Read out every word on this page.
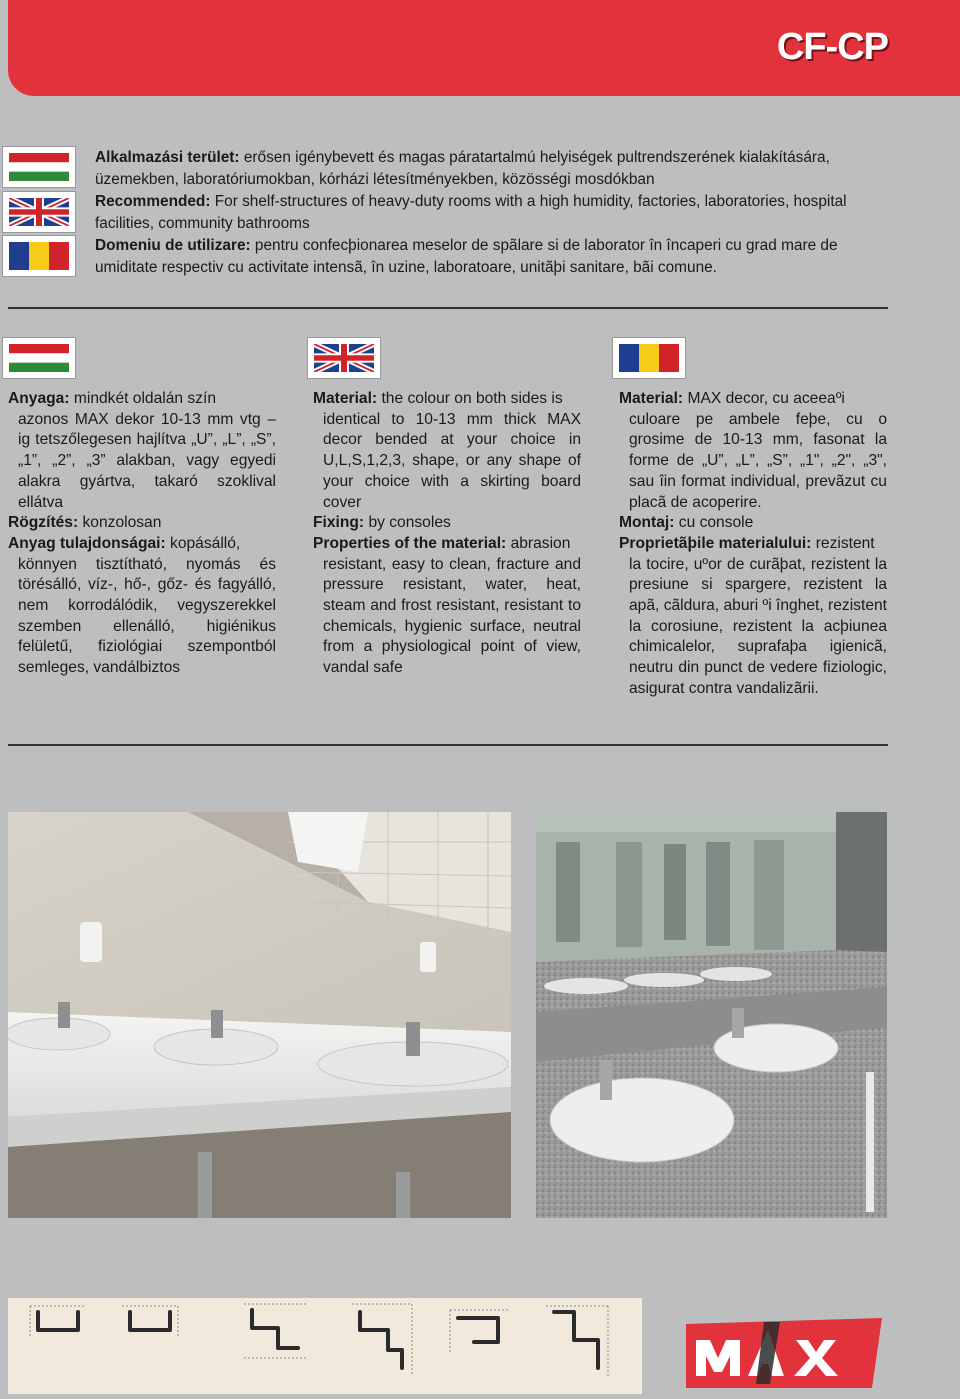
CF-CP

Alkalmazási terület: erősen igénybevett és magas páratartalmú helyiségek pultrendszerének kialakítására, üzemekben, laboratóriumokban, kórházi létesítményekben, közösségi mosdókban

Recommended: For shelf-structures of heavy-duty rooms with a high humidity, factories, laboratories, hospital facilities, community bathrooms

Domeniu de utilizare: pentru confecþionarea meselor de spãlare si de laborator în încaperi cu grad mare de umiditate respectiv cu activitate intensã, în uzine, laboratoare, unitãþi sanitare, bãi comune.

Anyaga: mindkét oldalán szín

azonos MAX dekor 10-13 mm vtg – ig tetszőlegesen hajlítva „U”, „L”, „S”, „1”, „2”, „3” alakban, vagy egyedi alakra gyártva, takaró szoklival ellátva

Rögzítés: konzolosan

Anyag tulajdonságai: kopásálló,

könnyen tisztítható, nyomás és törésálló, víz-, hő-, gőz- és fagyálló, nem korrodálódik, vegyszerekkel szemben ellenálló, higiénikus felületű, fiziológiai szempontból semleges, vandálbiztos

Material: the colour on both sides is

identical to 10-13 mm thick MAX decor bended at your choice in U,L,S,1,2,3, shape, or any shape of your choice with a skirting board cover

Fixing: by consoles

Properties of the material: abrasion

resistant, easy to clean, fracture and pressure resistant, water, heat, steam and frost resistant, resistant to chemicals, hygienic surface, neutral from a physiological point of view, vandal safe

Material: MAX decor, cu aceeaºi

culoare pe ambele feþe, cu o grosime de 10-13 mm, fasonat la forme de „U”, „L”, „S”, „1", „2", „3", sau îin format individual, prevãzut cu placã de acoperire.

Montaj: cu console

Proprietãþile materialului: rezistent

la tocire, uºor de curãþat, rezistent la presiune si spargere, rezistent la apã, cãldura, aburi ºi înghet, rezistent la corosiune, rezistent la acþiunea chimicalelor, suprafaþa igienicã, neutru din punct de vedere fiziologic, asigurat contra vandalizãrii.
